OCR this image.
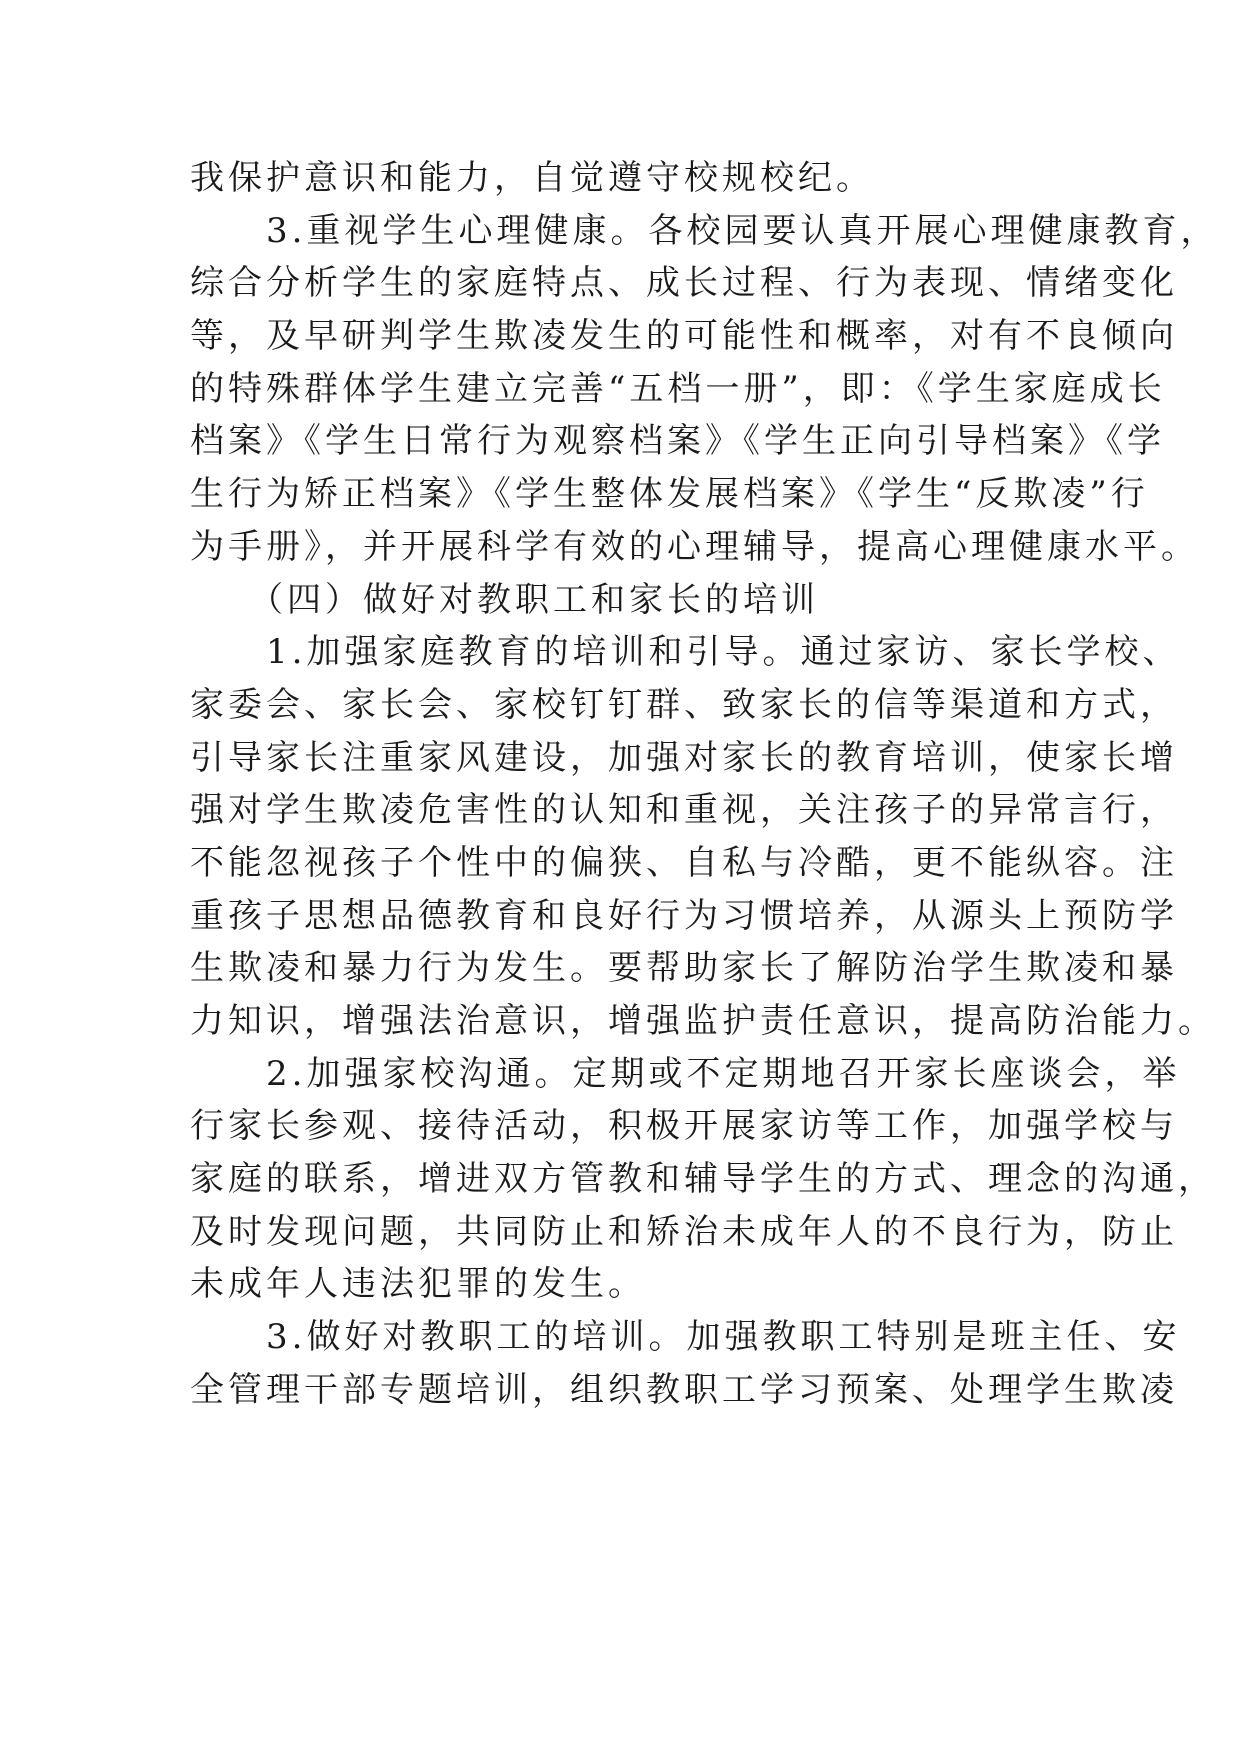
我保护意识和能力，自觉遵守校规校纪。
　　3.重视学生心理健康。各校园要认真开展心理健康教育，
综合分析学生的家庭特点、成长过程、行为表现、情绪变化
等，及早研判学生欺凌发生的可能性和概率，对有不良倾向
的特殊群体学生建立完善“五档一册”，即：《学生家庭成长
档案》《学生日常行为观察档案》《学生正向引导档案》《学
生行为矫正档案》《学生整体发展档案》《学生“反欺凌”行
为手册》，并开展科学有效的心理辅导，提高心理健康水平。
　　（四）做好对教职工和家长的培训
　　1.加强家庭教育的培训和引导。通过家访、家长学校、
家委会、家长会、家校钉钉群、致家长的信等渠道和方式，
引导家长注重家风建设，加强对家长的教育培训，使家长增
强对学生欺凌危害性的认知和重视，关注孩子的异常言行，
不能忽视孩子个性中的偏狭、自私与冷酷，更不能纵容。注
重孩子思想品德教育和良好行为习惯培养，从源头上预防学
生欺凌和暴力行为发生。要帮助家长了解防治学生欺凌和暴
力知识，增强法治意识，增强监护责任意识，提高防治能力。
　　2.加强家校沟通。定期或不定期地召开家长座谈会，举
行家长参观、接待活动，积极开展家访等工作，加强学校与
家庭的联系，增进双方管教和辅导学生的方式、理念的沟通，
及时发现问题，共同防止和矫治未成年人的不良行为，防止
未成年人违法犯罪的发生。
　　3.做好对教职工的培训。加强教职工特别是班主任、安
全管理干部专题培训，组织教职工学习预案、处理学生欺凌
